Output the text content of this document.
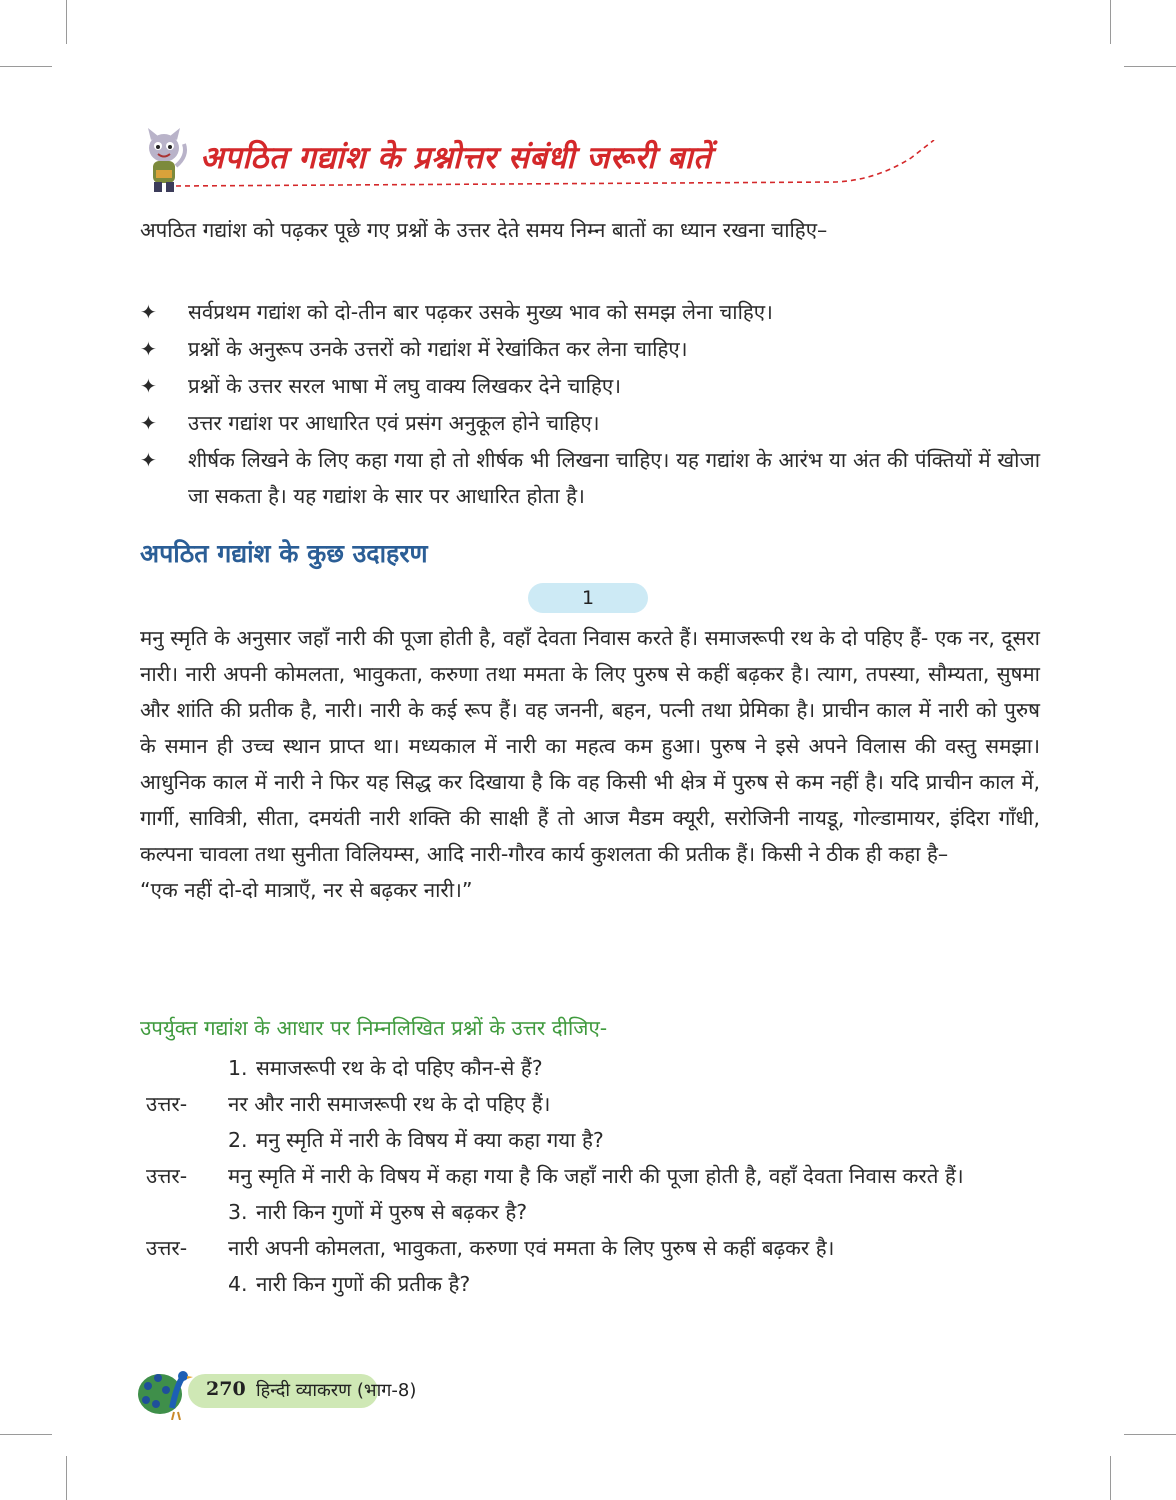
अपठित गद्यांश के प्रश्नोत्तर संबंधी जरूरी बातें
अपठित गद्यांश को पढ़कर पूछे गए प्रश्नों के उत्तर देते समय निम्न बातों का ध्यान रखना चाहिए–
✦ सर्वप्रथम गद्यांश को दो-तीन बार पढ़कर उसके मुख्य भाव को समझ लेना चाहिए।
✦ प्रश्नों के अनुरूप उनके उत्तरों को गद्यांश में रेखांकित कर लेना चाहिए।
✦ प्रश्नों के उत्तर सरल भाषा में लघु वाक्य लिखकर देने चाहिए।
✦ उत्तर गद्यांश पर आधारित एवं प्रसंग अनुकूल होने चाहिए।
✦ शीर्षक लिखने के लिए कहा गया हो तो शीर्षक भी लिखना चाहिए। यह गद्यांश के आरंभ या अंत की पंक्तियों में खोजा जा सकता है। यह गद्यांश के सार पर आधारित होता है।
अपठित गद्यांश के कुछ उदाहरण
1

मनु स्मृति के अनुसार जहाँ नारी की पूजा होती है, वहाँ देवता निवास करते हैं। समाजरूपी रथ के दो पहिए हैं- एक नर, दूसरा नारी। नारी अपनी कोमलता, भावुकता, करुणा तथा ममता के लिए पुरुष से कहीं बढ़कर है। त्याग, तपस्या, सौम्यता, सुषमा और शांति की प्रतीक है, नारी। नारी के कई रूप हैं। वह जननी, बहन, पत्नी तथा प्रेमिका है। प्राचीन काल में नारी को पुरुष के समान ही उच्च स्थान प्राप्त था। मध्यकाल में नारी का महत्व कम हुआ। पुरुष ने इसे अपने विलास की वस्तु समझा। आधुनिक काल में नारी ने फिर यह सिद्ध कर दिखाया है कि वह किसी भी क्षेत्र में पुरुष से कम नहीं है। यदि प्राचीन काल में, गार्गी, सावित्री, सीता, दमयंती नारी शक्ति की साक्षी हैं तो आज मैडम क्यूरी, सरोजिनी नायडू, गोल्डामायर, इंदिरा गाँधी, कल्पना चावला तथा सुनीता विलियम्स, आदि नारी-गौरव कार्य कुशलता की प्रतीक हैं। किसी ने ठीक ही कहा है–

“एक नहीं दो-दो मात्राएँ, नर से बढ़कर नारी।”

उपर्युक्त गद्यांश के आधार पर निम्नलिखित प्रश्नों के उत्तर दीजिए-
1. समाजरूपी रथ के दो पहिए कौन-से हैं?
उत्तर- नर और नारी समाजरूपी रथ के दो पहिए हैं।
2. मनु स्मृति में नारी के विषय में क्या कहा गया है?
उत्तर- मनु स्मृति में नारी के विषय में कहा गया है कि जहाँ नारी की पूजा होती है, वहाँ देवता निवास करते हैं।
3. नारी किन गुणों में पुरुष से बढ़कर है?
उत्तर- नारी अपनी कोमलता, भावुकता, करुणा एवं ममता के लिए पुरुष से कहीं बढ़कर है।
4. नारी किन गुणों की प्रतीक है?
270 हिन्दी व्याकरण (भाग-8)
